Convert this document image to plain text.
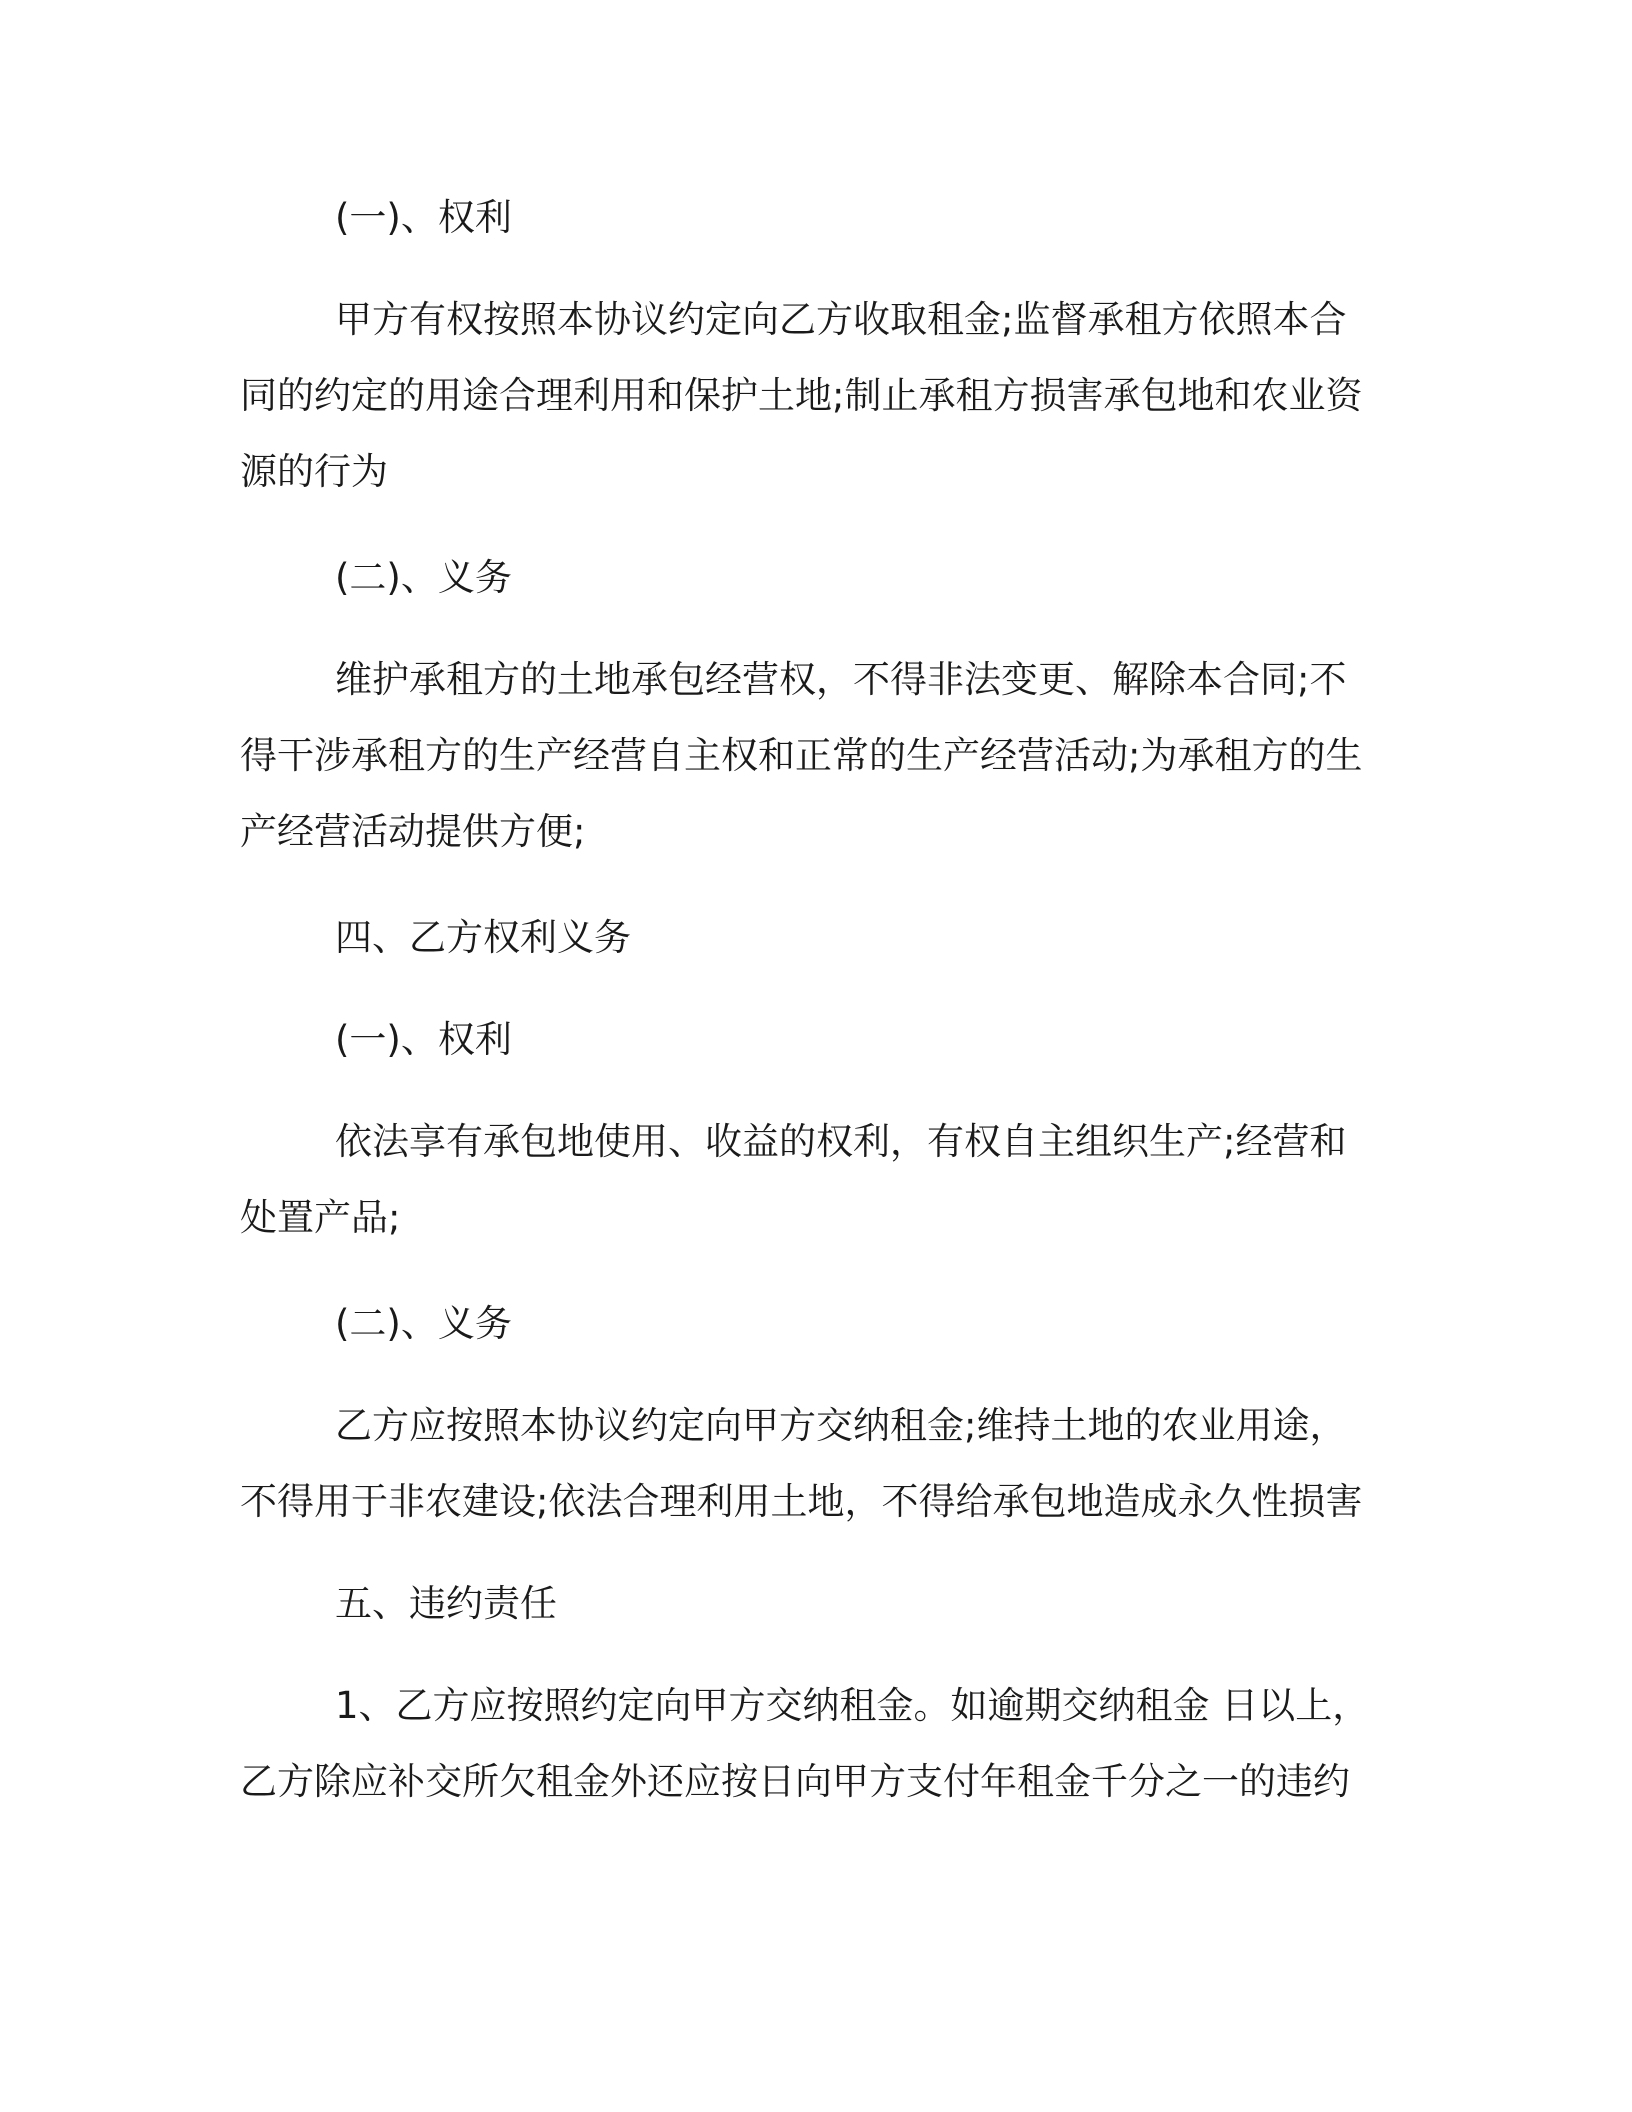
(一)、权利
甲方有权按照本协议约定向乙方收取租金;监督承租方依照本合
同的约定的用途合理利用和保护土地;制止承租方损害承包地和农业资
源的行为
(二)、义务
维护承租方的土地承包经营权，不得非法变更、解除本合同;不
得干涉承租方的生产经营自主权和正常的生产经营活动;为承租方的生
产经营活动提供方便;
四、乙方权利义务
(一)、权利
依法享有承包地使用、收益的权利，有权自主组织生产;经营和
处置产品;
(二)、义务
乙方应按照本协议约定向甲方交纳租金;维持土地的农业用途，
不得用于非农建设;依法合理利用土地，不得给承包地造成永久性损害
五、违约责任
1、乙方应按照约定向甲方交纳租金。如逾期交纳租金 日以上，
乙方除应补交所欠租金外还应按日向甲方支付年租金千分之一的违约
